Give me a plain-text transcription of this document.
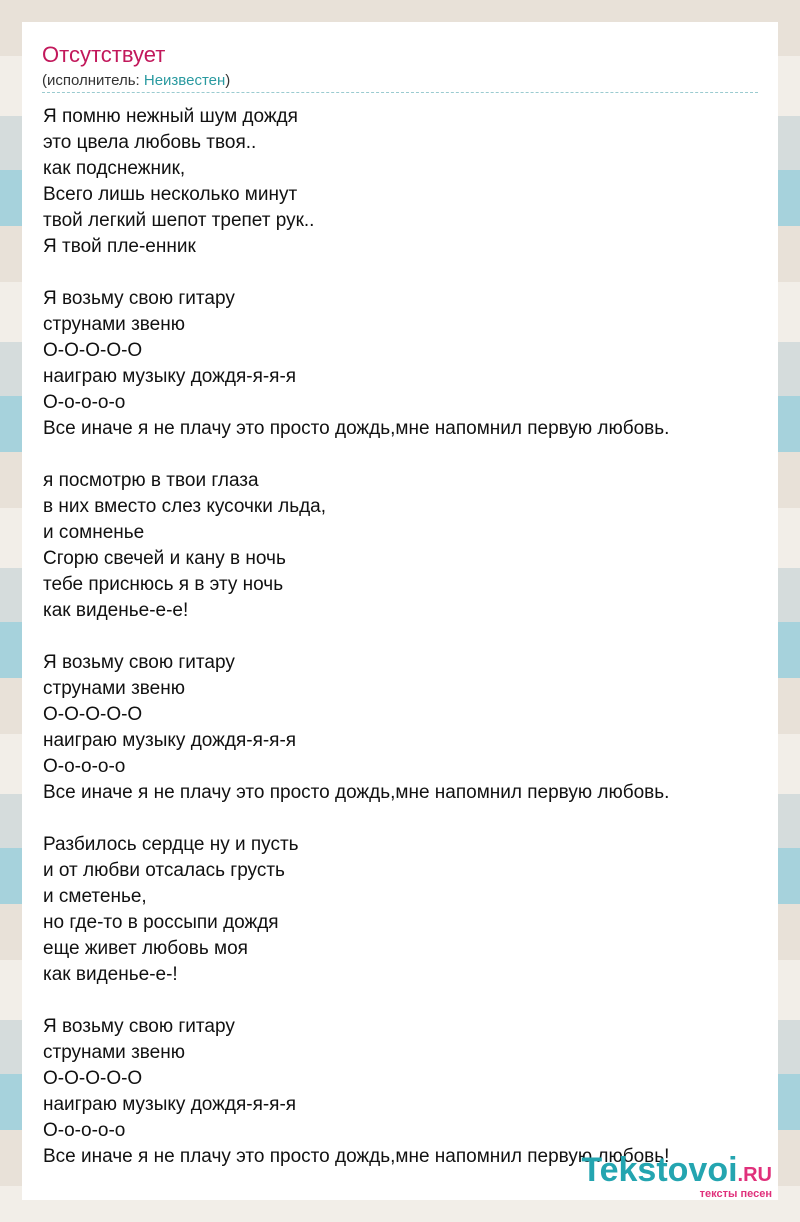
Отсутствует
(исполнитель: Неизвестен)
Я помню нежный шум дождя
это цвела любовь твоя..
как подснежник,
Всего лишь несколько минут
твой легкий шепот трепет рук..
Я твой пле-енник
Я возьму свою гитару
струнами звеню
О-О-О-О-О
наиграю музыку дождя-я-я-я
О-о-о-о-о
Все иначе я не плачу это просто дождь,мне напомнил первую любовь.
я посмотрю в твои глаза
в них вместо слез кусочки льда,
и сомненье
Сгорю свечей и кану в ночь
тебе приснюсь я в эту ночь
как виденье-е-е!
Я возьму свою гитару
струнами звеню
О-О-О-О-О
наиграю музыку дождя-я-я-я
О-о-о-о-о
Все иначе я не плачу это просто дождь,мне напомнил первую любовь.
Разбилось сердце ну и пусть
и от любви отсалась грусть
и сметенье,
но где-то в россыпи дождя
еще живет любовь моя
как виденье-е-!
Я возьму свою гитару
струнами звеню
О-О-О-О-О
наиграю музыку дождя-я-я-я
О-о-о-о-о
Все иначе я не плачу это просто дождь,мне напомнил первую любовь!
Tekstovoi.RU
тексты песен
